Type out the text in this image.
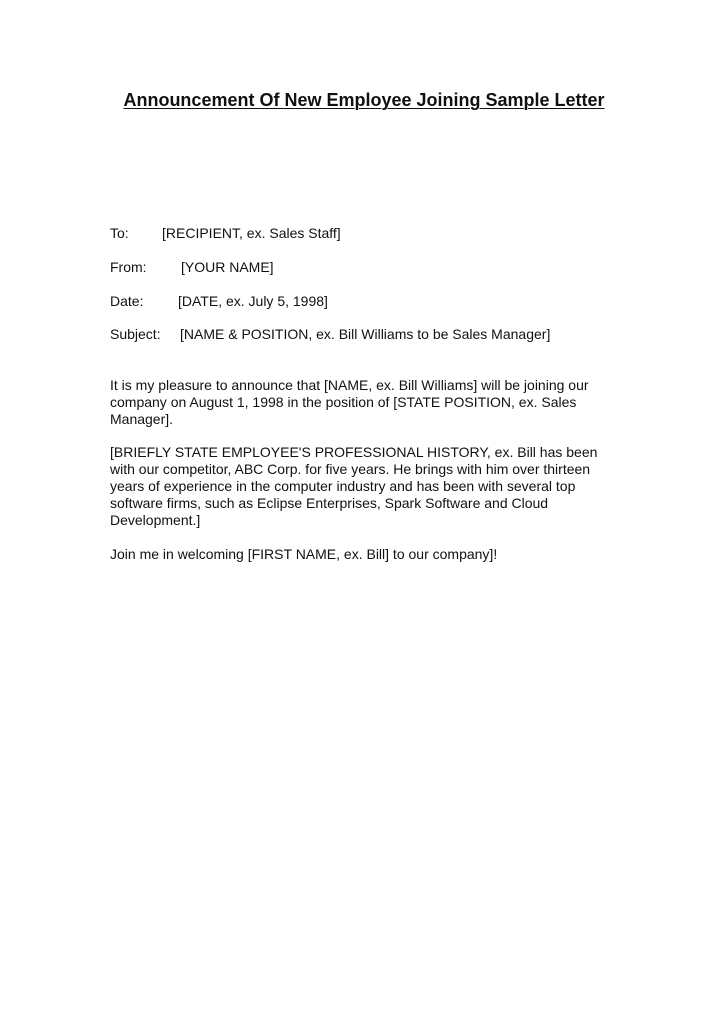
Announcement Of New Employee Joining Sample Letter
To: [RECIPIENT, ex. Sales Staff]
From: [YOUR NAME]
Date: [DATE, ex. July 5, 1998]
Subject: [NAME & POSITION, ex. Bill Williams to be Sales Manager]

It is my pleasure to announce that [NAME, ex. Bill Williams] will be joining our company on August 1, 1998 in the position of [STATE POSITION, ex. Sales Manager].

[BRIEFLY STATE EMPLOYEE'S PROFESSIONAL HISTORY, ex. Bill has been with our competitor, ABC Corp. for five years. He brings with him over thirteen years of experience in the computer industry and has been with several top software firms, such as Eclipse Enterprises, Spark Software and Cloud Development.]

Join me in welcoming [FIRST NAME, ex. Bill] to our company]!
